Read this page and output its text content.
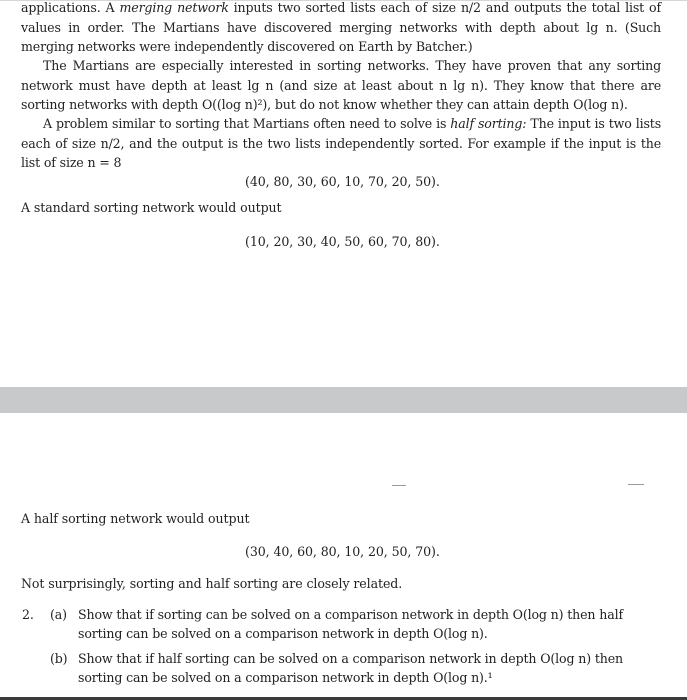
applications. A merging network inputs two sorted lists each of size n/2 and outputs the total list of values in order. The Martians have discovered merging networks with depth about lg n. (Such merging networks were independently discovered on Earth by Batcher.)
The Martians are especially interested in sorting networks. They have proven that any sorting network must have depth at least lg n (and size at least about n lg n). They know that there are sorting networks with depth O((log n)²), but do not know whether they can attain depth O(log n).
A problem similar to sorting that Martians often need to solve is half sorting: The input is two lists each of size n/2, and the output is the two lists independently sorted. For example if the input is the list of size n = 8
(40, 80, 30, 60, 10, 70, 20, 50).
A standard sorting network would output
(10, 20, 30, 40, 50, 60, 70, 80).
A half sorting network would output
(30, 40, 60, 80, 10, 20, 50, 70).
Not surprisingly, sorting and half sorting are closely related.
2. (a) Show that if sorting can be solved on a comparison network in depth O(log n) then half
sorting can be solved on a comparison network in depth O(log n).
(b) Show that if half sorting can be solved on a comparison network in depth O(log n) then
sorting can be solved on a comparison network in depth O(log n).¹
